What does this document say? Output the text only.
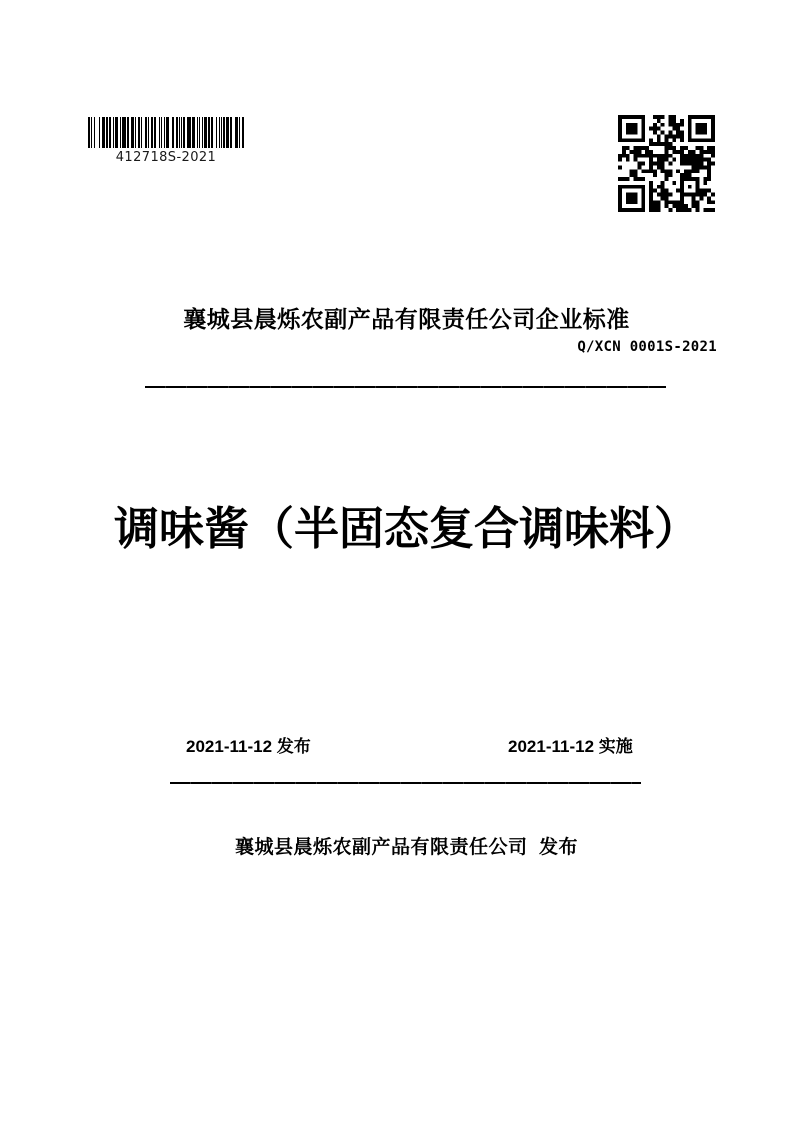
412718S-2021
襄城县晨烁农副产品有限责任公司企业标准
Q/XCN 0001S-2021
调味酱（半固态复合调味料）
2021-11-12 发布	2021-11-12 实施
襄城县晨烁农副产品有限责任公司  发布
